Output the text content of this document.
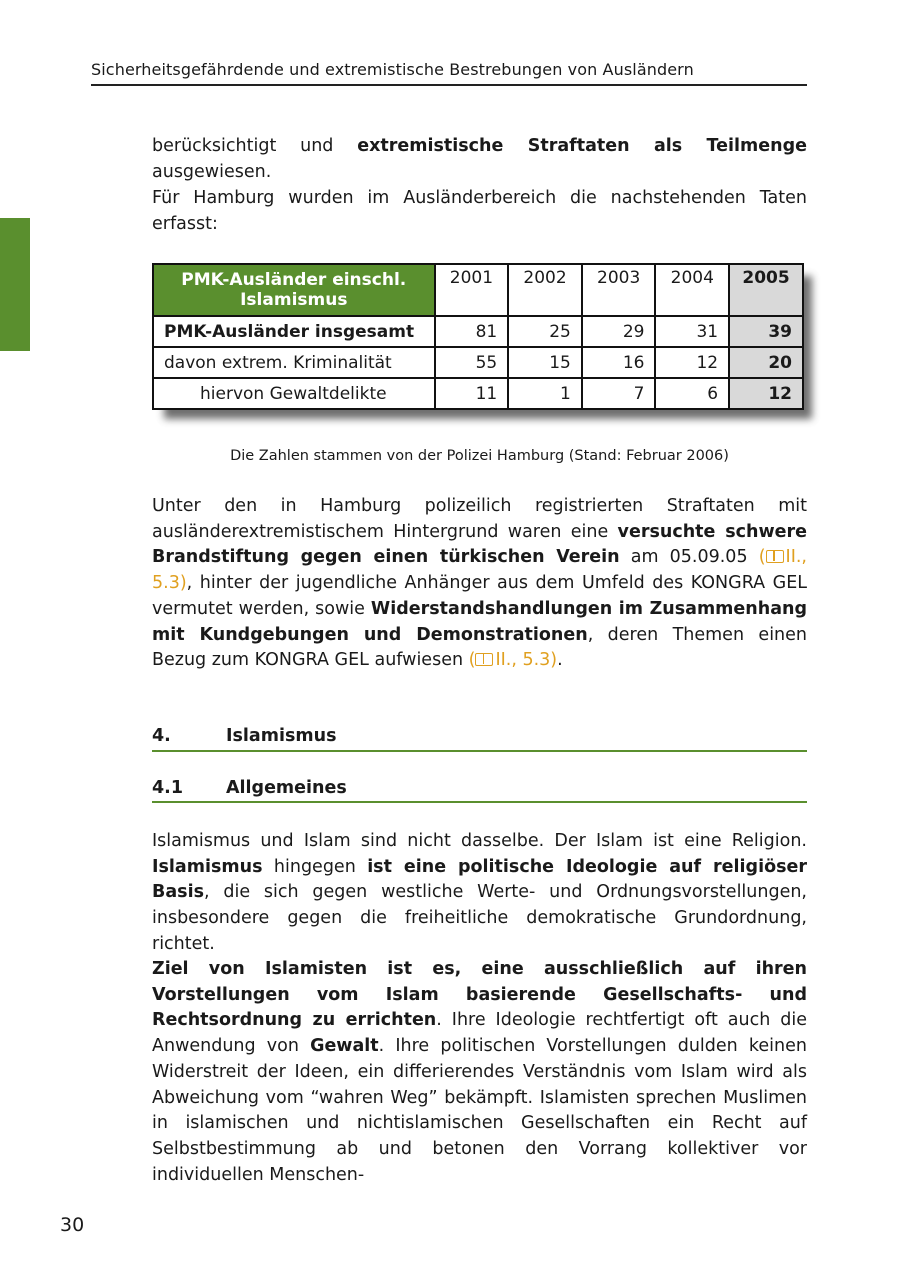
Sicherheitsgefährdende und extremistische Bestrebungen von Ausländern

berücksichtigt und extremistische Straftaten als Teilmenge ausgewiesen.

Für Hamburg wurden im Ausländerbereich die nachstehenden Taten erfasst:

PMK-Ausländer einschl. Islamismus	2001	2002	2003	2004	2005
PMK-Ausländer insgesamt	81	25	29	31	39
davon extrem. Kriminalität	55	15	16	12	20
hiervon Gewaltdelikte	11	1	7	6	12
Die Zahlen stammen von der Polizei Hamburg (Stand: Februar 2006)

Unter den in Hamburg polizeilich registrierten Straftaten mit ausländerextremistischem Hintergrund waren eine versuchte schwere Brandstiftung gegen einen türkischen Verein am 05.09.05 ( II., 5.3), hinter der jugendliche Anhänger aus dem Umfeld des KONGRA GEL vermutet werden, sowie Widerstandshandlungen im Zusammenhang mit Kundgebungen und Demonstrationen, deren Themen einen Bezug zum KONGRA GEL aufwiesen ( II., 5.3).

4.	Islamismus
4.1 Allgemeines

Islamismus und Islam sind nicht dasselbe. Der Islam ist eine Religion. Islamismus hingegen ist eine politische Ideologie auf religiöser Basis, die sich gegen westliche Werte- und Ordnungsvorstellungen, insbesondere gegen die freiheitliche demokratische Grundordnung, richtet.

Ziel von Islamisten ist es, eine ausschließlich auf ihren Vorstellungen vom Islam basierende Gesellschafts- und Rechtsordnung zu errichten. Ihre Ideologie rechtfertigt oft auch die Anwendung von Gewalt. Ihre politischen Vorstellungen dulden keinen Widerstreit der Ideen, ein differierendes Verständnis vom Islam wird als Abweichung vom “wahren Weg” bekämpft. Islamisten sprechen Muslimen in islamischen und nichtislamischen Gesellschaften ein Recht auf Selbstbestimmung ab und betonen den Vorrang kollektiver vor individuellen Menschen-

30
